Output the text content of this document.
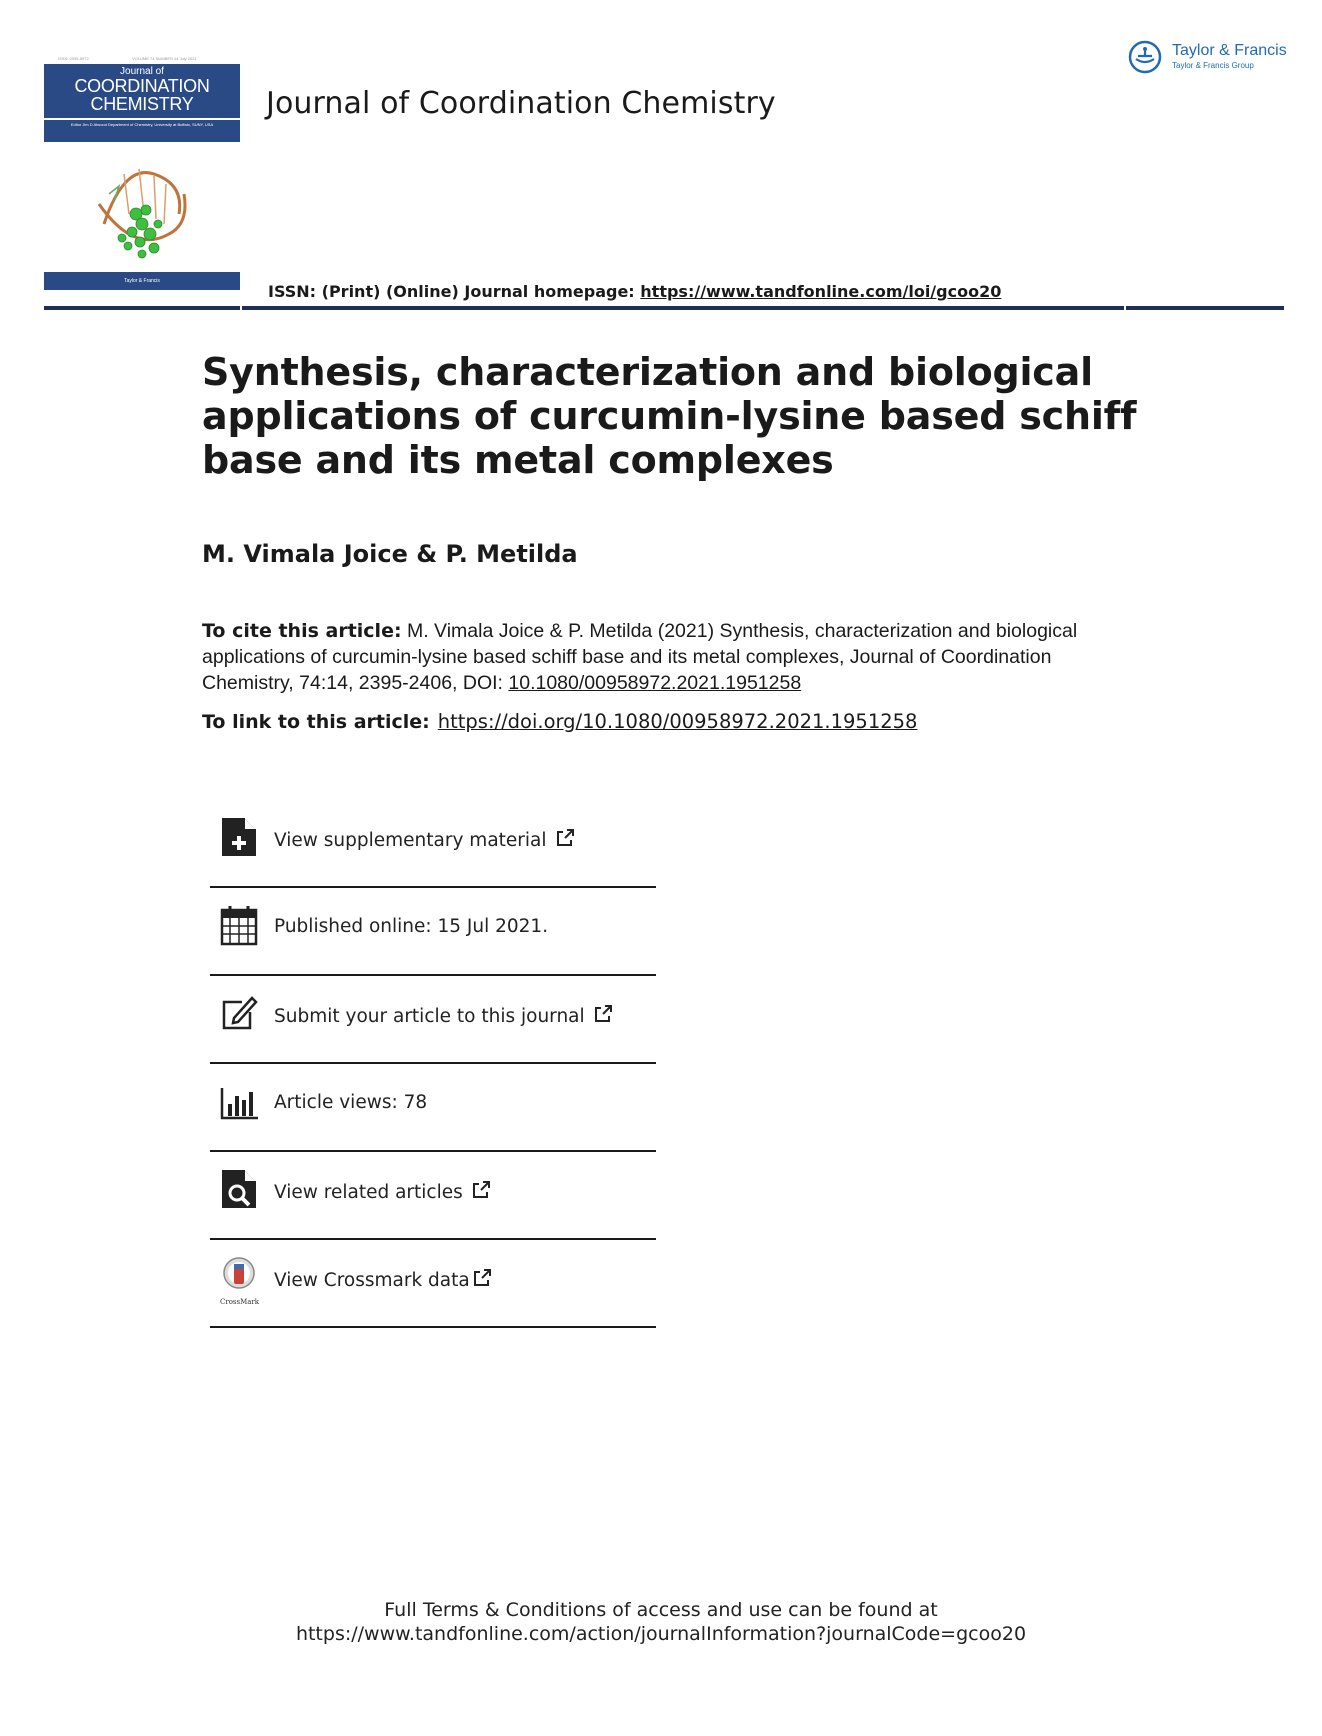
ISSN: 0095-8972	VOLUME 74 NUMBER 14 July 2021
Journal of
COORDINATION CHEMISTRY
Editor Jim D Atwood Department of Chemistry, University at Buffalo, SUNY, USA
Taylor & Francis
Journal of Coordination Chemistry
Taylor & Francis
Taylor & Francis Group
ISSN: (Print) (Online) Journal homepage: https://www.tandfonline.com/loi/gcoo20
Synthesis, characterization and biological applications of curcumin-lysine based schiff base and its metal complexes
M. Vimala Joice & P. Metilda
To cite this article: M. Vimala Joice & P. Metilda (2021) Synthesis, characterization and biological applications of curcumin-lysine based schiff base and its metal complexes, Journal of Coordination Chemistry, 74:14, 2395-2406, DOI: 10.1080/00958972.2021.1951258
To link to this article: https://doi.org/10.1080/00958972.2021.1951258
View supplementary material
Published online: 15 Jul 2021.
Submit your article to this journal
Article views: 78
View related articles
CrossMark
View Crossmark data
Full Terms & Conditions of access and use can be found at
https://www.tandfonline.com/action/journalInformation?journalCode=gcoo20
